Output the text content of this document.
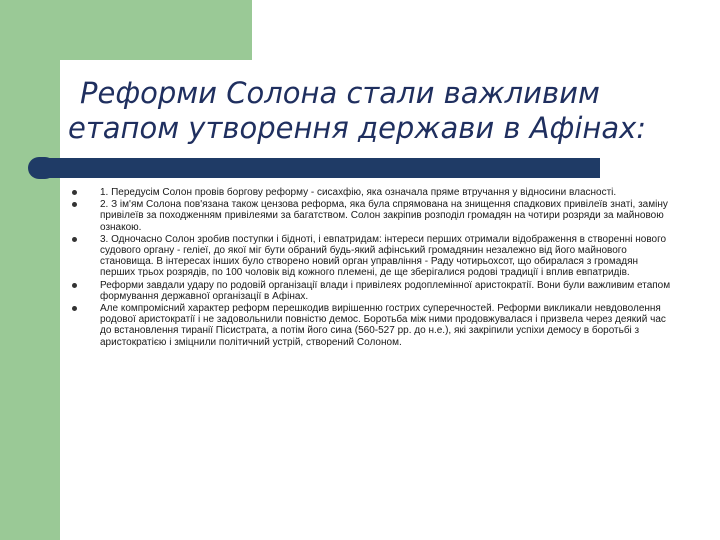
Реформи Солона стали важливим
етапом утворення держави в Афінах:
1. Передусім Солон провів боргову реформу - сисахфію, яка означала пряме втручання у відносини власності.
2. З ім'ям Солона пов'язана також цензова реформа, яка була спрямована на знищення спадкових привілеїв знаті, заміну привілеїв за походженням привілеями за багатством. Солон закріпив розподіл громадян на чотири розряди за майновою ознакою.
3. Одночасно Солон зробив поступки і бідноті, і евпатридам: інтереси перших отримали відображення в створенні нового судового органу - геліеї, до якої міг бути обраний будь-який афінський громадянин незалежно від його майнового становища. В інтересах інших було створено новий орган управління - Раду чотирьохсот, що обиралася з громадян перших трьох розрядів, по 100 чоловік від кожного племені, де ще зберігалися родові традиції і вплив евпатридів.
Реформи завдали удару по родовій організації влади і привілеях родоплемінної аристократії. Вони були важливим етапом формування державної організації в Афінах.
Але компромісний характер реформ перешкодив вирішенню гострих суперечностей. Реформи викликали невдоволення родової аристократії і не задовольнили повністю демос. Боротьба між ними продовжувалася і призвела через деякий час до встановлення тиранії Пісистрата, а потім його сина (560-527 рр. до н.е.), які закріпили успіхи демосу в боротьбі з аристократією і зміцнили політичний устрій, створений Солоном.
